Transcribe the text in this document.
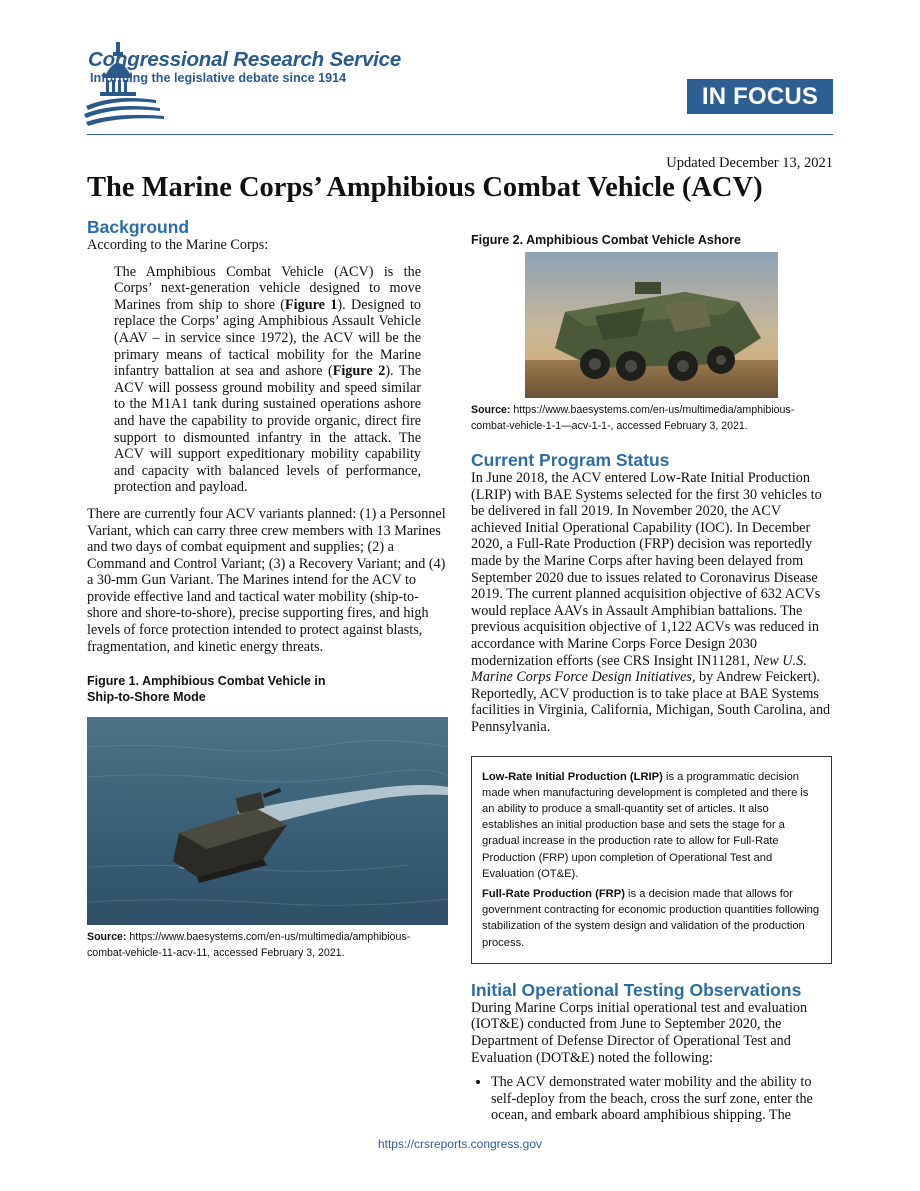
Congressional Research Service
Informing the legislative debate since 1914
IN FOCUS
Updated December 13, 2021
The Marine Corps’ Amphibious Combat Vehicle (ACV)
Background

According to the Marine Corps:

The Amphibious Combat Vehicle (ACV) is the Corps’ next-generation vehicle designed to move Marines from ship to shore (Figure 1). Designed to replace the Corps’ aging Amphibious Assault Vehicle (AAV – in service since 1972), the ACV will be the primary means of tactical mobility for the Marine infantry battalion at sea and ashore (Figure 2). The ACV will possess ground mobility and speed similar to the M1A1 tank during sustained operations ashore and have the capability to provide organic, direct fire support to dismounted infantry in the attack. The ACV will support expeditionary mobility capability and capacity with balanced levels of performance, protection and payload.

There are currently four ACV variants planned: (1) a Personnel Variant, which can carry three crew members with 13 Marines and two days of combat equipment and supplies; (2) a Command and Control Variant; (3) a Recovery Variant; and (4) a 30-mm Gun Variant. The Marines intend for the ACV to provide effective land and tactical water mobility (ship-to-shore and shore-to-shore), precise supporting fires, and high levels of force protection intended to protect against blasts, fragmentation, and kinetic energy threats.

Figure 1. Amphibious Combat Vehicle in
Ship-to-Shore Mode
Source: https://www.baesystems.com/en-us/multimedia/amphibious-combat-vehicle-11-acv-11, accessed February 3, 2021.
Figure 2. Amphibious Combat Vehicle Ashore
Source: https://www.baesystems.com/en-us/multimedia/amphibious-combat-vehicle-1-1—acv-1-1-, accessed February 3, 2021.
Current Program Status

In June 2018, the ACV entered Low-Rate Initial Production (LRIP) with BAE Systems selected for the first 30 vehicles to be delivered in fall 2019. In November 2020, the ACV achieved Initial Operational Capability (IOC). In December 2020, a Full-Rate Production (FRP) decision was reportedly made by the Marine Corps after having been delayed from September 2020 due to issues related to Coronavirus Disease 2019. The current planned acquisition objective of 632 ACVs would replace AAVs in Assault Amphibian battalions. The previous acquisition objective of 1,122 ACVs was reduced in accordance with Marine Corps Force Design 2030 modernization efforts (see CRS Insight IN11281, New U.S. Marine Corps Force Design Initiatives, by Andrew Feickert). Reportedly, ACV production is to take place at BAE Systems facilities in Virginia, California, Michigan, South Carolina, and Pennsylvania.

Low-Rate Initial Production (LRIP) is a programmatic decision made when manufacturing development is completed and there is an ability to produce a small-quantity set of articles. It also establishes an initial production base and sets the stage for a gradual increase in the production rate to allow for Full-Rate Production (FRP) upon completion of Operational Test and Evaluation (OT&E).

Full-Rate Production (FRP) is a decision made that allows for government contracting for economic production quantities following stabilization of the system design and validation of the production process.

Initial Operational Testing Observations

During Marine Corps initial operational test and evaluation (IOT&E) conducted from June to September 2020, the Department of Defense Director of Operational Test and Evaluation (DOT&E) noted the following:

• The ACV demonstrated water mobility and the ability to self-deploy from the beach, cross the surf zone, enter the ocean, and embark aboard amphibious shipping. The
https://crsreports.congress.gov
